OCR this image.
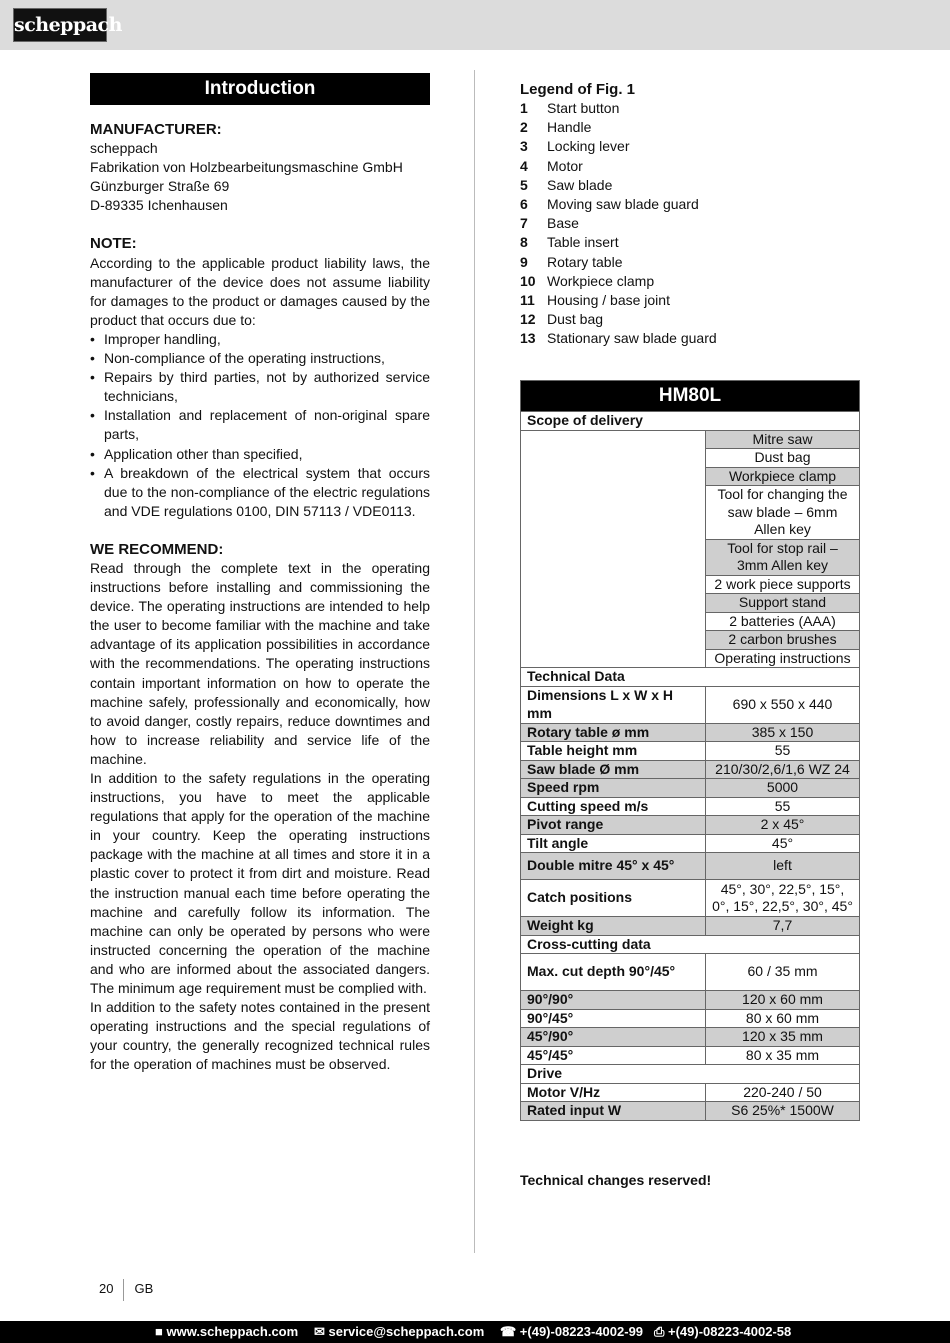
scheppach
Introduction

MANUFACTURER:

scheppach

Fabrikation von Holzbearbeitungsmaschine GmbH

Günzburger Straße 69

D-89335 Ichenhausen

NOTE:

According to the applicable product liability laws, the manufacturer of the device does not assume liability for damages to the product or damages caused by the product that occurs due to:

• Improper handling,
• Non-compliance of the operating instructions,
• Repairs by third parties, not by authorized service technicians,
• Installation and replacement of non-original spare parts,
• Application other than specified,
• A breakdown of the electrical system that occurs due to the non-compliance of the electric regulations and VDE regulations 0100, DIN 57113 / VDE0113.

WE RECOMMEND:

Read through the complete text in the operating instructions before installing and commissioning the device. The operating instructions are intended to help the user to become familiar with the machine and take advantage of its application possibilities in accordance with the recommendations. The operating instructions contain important information on how to operate the machine safely, professionally and economically, how to avoid danger, costly repairs, reduce downtimes and how to increase reliability and service life of the machine.

In addition to the safety regulations in the operating instructions, you have to meet the applicable regulations that apply for the operation of the machine in your country. Keep the operating instructions package with the machine at all times and store it in a plastic cover to protect it from dirt and moisture. Read the instruction manual each time before operating the machine and carefully follow its information. The machine can only be operated by persons who were instructed concerning the operation of the machine and who are informed about the associated dangers. The minimum age requirement must be complied with.

In addition to the safety notes contained in the present operating instructions and the special regulations of your country, the generally recognized technical rules for the operation of machines must be observed.

Legend of Fig. 1

1	Start button
2	Handle
3	Locking lever
4	Motor
5	Saw blade
6	Moving saw blade guard
7	Base
8	Table insert
9	Rotary table
10 Workpiece clamp
11 Housing / base joint
12 Dust bag
13 Stationary saw blade guard
HM80L	
Scope of delivery	
	Mitre saw
	Dust bag
	Workpiece clamp
	Tool for changing the saw blade – 6mm Allen key
	Tool for stop rail – 3mm Allen key
	2 work piece supports
	Support stand
	2 batteries (AAA)
	2 carbon brushes
	Operating instructions
Technical Data	
Dimensions L x W x H mm	690 x 550 x 440
Rotary table ø mm	385 x 150
Table height mm	55
Saw blade Ø mm	210/30/2,6/1,6 WZ 24
Speed rpm	5000
Cutting speed m/s	55
Pivot range	2 x 45°
Tilt angle	45°
Double mitre 45° x 45°	left
Catch positions	45°, 30°, 22,5°, 15°, 0°, 15°, 22,5°, 30°, 45°
Weight kg	7,7
Cross-cutting data	
Max. cut depth 90°/45°	60 / 35 mm
90°/90°	120 x 60 mm
90°/45°	80 x 60 mm
45°/90°	120 x 35 mm
45°/45°	80 x 35 mm
Drive	
Motor V/Hz	220-240 / 50
Rated input W	S6 25%* 1500W
Technical changes reserved!
20 GB
■ www.scheppach.com ✉ service@scheppach.com ☎ +(49)-08223-4002-99 ⎙ +(49)-08223-4002-58
